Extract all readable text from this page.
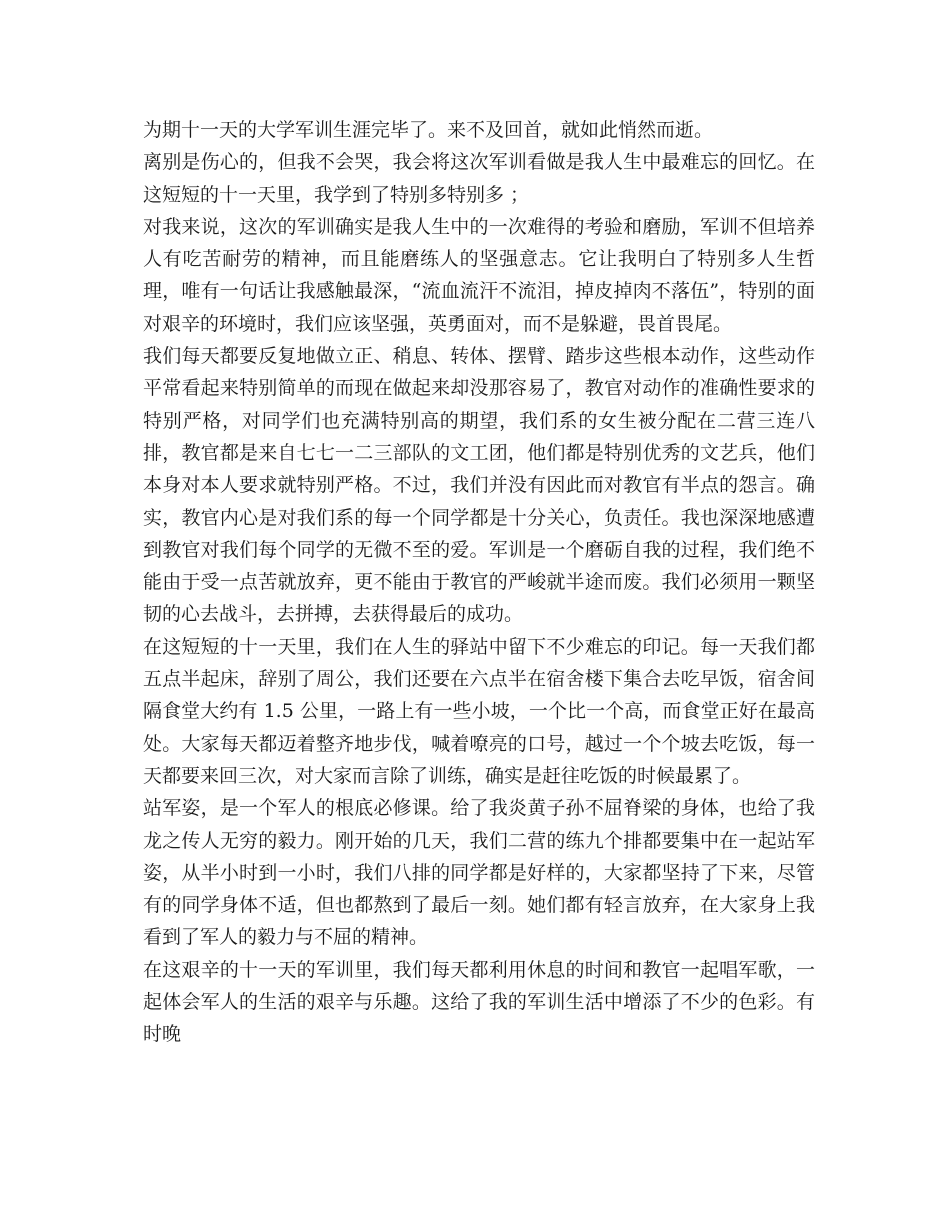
为期十一天的大学军训生涯完毕了。来不及回首，就如此悄然而逝。

离别是伤心的，但我不会哭，我会将这次军训看做是我人生中最难忘的回忆。在这短短的十一天里，我学到了特别多特别多 ；

对我来说，这次的军训确实是我人生中的一次难得的考验和磨励，军训不但培养人有吃苦耐劳的精神，而且能磨练人的坚强意志。它让我明白了特别多人生哲理，唯有一句话让我感触最深，“流血流汗不流泪，掉皮掉肉不落伍”，特别的面对艰辛的环境时，我们应该坚强，英勇面对，而不是躲避，畏首畏尾。

我们每天都要反复地做立正、稍息、转体、摆臂、踏步这些根本动作，这些动作平常看起来特别简单的而现在做起来却没那容易了，教官对动作的准确性要求的特别严格，对同学们也充满特别高的期望，我们系的女生被分配在二营三连八排，教官都是来自七七一二三部队的文工团，他们都是特别优秀的文艺兵，他们本身对本人要求就特别严格。不过，我们并没有因此而对教官有半点的怨言。确实，教官内心是对我们系的每一个同学都是十分关心，负责任。我也深深地感遭到教官对我们每个同学的无微不至的爱。军训是一个磨砺自我的过程，我们绝不能由于受一点苦就放弃，更不能由于教官的严峻就半途而废。我们必须用一颗坚韧的心去战斗，去拼搏，去获得最后的成功。

在这短短的十一天里，我们在人生的驿站中留下不少难忘的印记。每一天我们都五点半起床，辞别了周公，我们还要在六点半在宿舍楼下集合去吃早饭，宿舍间隔食堂大约有 1.5 公里，一路上有一些小坡，一个比一个高，而食堂正好在最高处。大家每天都迈着整齐地步伐，喊着嘹亮的口号，越过一个个坡去吃饭，每一天都要来回三次，对大家而言除了训练，确实是赶往吃饭的时候最累了。

站军姿，是一个军人的根底必修课。给了我炎黄子孙不屈脊梁的身体，也给了我龙之传人无穷的毅力。刚开始的几天，我们二营的练九个排都要集中在一起站军姿，从半小时到一小时，我们八排的同学都是好样的，大家都坚持了下来，尽管有的同学身体不适，但也都熬到了最后一刻。她们都有轻言放弃，在大家身上我看到了军人的毅力与不屈的精神。

在这艰辛的十一天的军训里，我们每天都利用休息的时间和教官一起唱军歌，一起体会军人的生活的艰辛与乐趣。这给了我的军训生活中增添了不少的色彩。有时晚
